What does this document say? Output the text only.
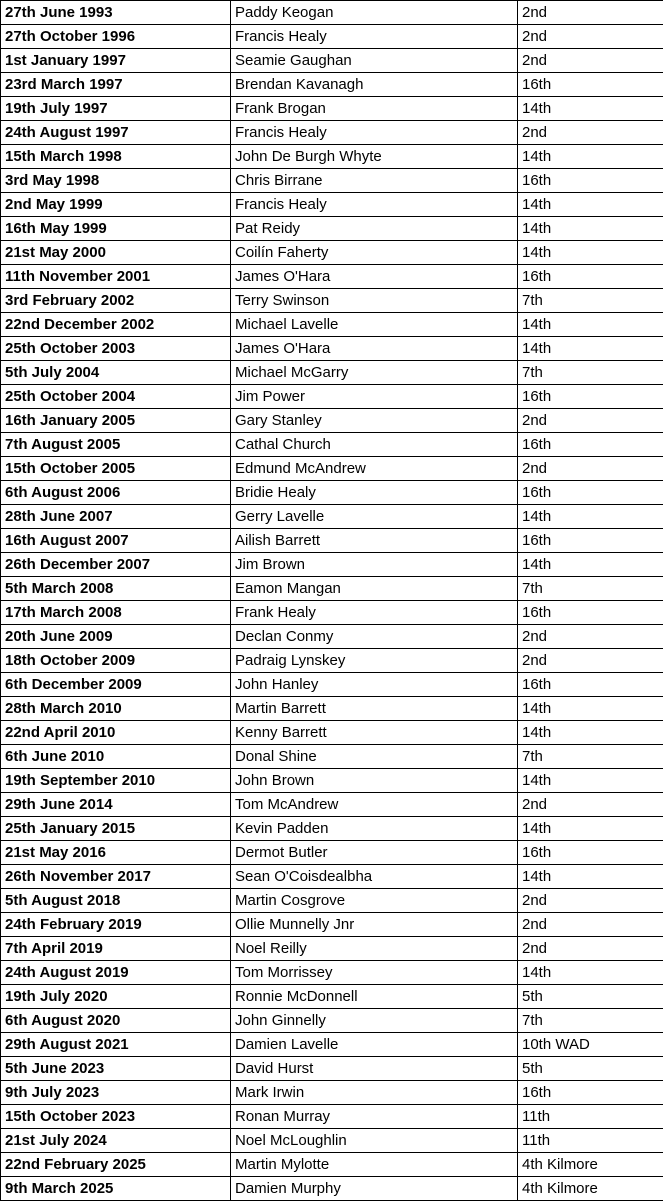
27th June 1993	Paddy Keogan	2nd
27th October 1996	Francis Healy	2nd
1st January 1997	Seamie Gaughan	2nd
23rd March 1997	Brendan Kavanagh	16th
19th July 1997	Frank Brogan	14th
24th August 1997	Francis Healy	2nd
15th March 1998	John De Burgh Whyte	14th
3rd May 1998	Chris Birrane	16th
2nd May 1999	Francis Healy	14th
16th May 1999	Pat Reidy	14th
21st May 2000	Coilín Faherty	14th
11th November 2001	James O'Hara	16th
3rd February 2002	Terry Swinson	7th
22nd December 2002	Michael Lavelle	14th
25th October 2003	James O'Hara	14th
5th July 2004	Michael McGarry	7th
25th October 2004	Jim Power	16th
16th January 2005	Gary Stanley	2nd
7th August 2005	Cathal Church	16th
15th October 2005	Edmund McAndrew	2nd
6th August 2006	Bridie Healy	16th
28th June 2007	Gerry Lavelle	14th
16th August 2007	Ailish Barrett	16th
26th December 2007	Jim Brown	14th
5th March 2008	Eamon Mangan	7th
17th March 2008	Frank Healy	16th
20th June 2009	Declan Conmy	2nd
18th October 2009	Padraig Lynskey	2nd
6th December 2009	John Hanley	16th
28th March 2010	Martin Barrett	14th
22nd April 2010	Kenny Barrett	14th
6th June 2010	Donal Shine	7th
19th September 2010	John Brown	14th
29th June 2014	Tom McAndrew	2nd
25th January 2015	Kevin Padden	14th
21st May 2016	Dermot Butler	16th
26th November 2017	Sean O'Coisdealbha	14th
5th August 2018	Martin Cosgrove	2nd
24th February 2019	Ollie Munnelly Jnr	2nd
7th April 2019	Noel Reilly	2nd
24th August 2019	Tom Morrissey	14th
19th July 2020	Ronnie McDonnell	5th
6th August 2020	John Ginnelly	7th
29th August 2021	Damien Lavelle	10th WAD
5th June 2023	David Hurst	5th
9th July 2023	Mark Irwin	16th
15th October 2023	Ronan Murray	11th
21st July 2024	Noel McLoughlin	11th
22nd February 2025	Martin Mylotte	4th Kilmore
9th March 2025	Damien Murphy	4th Kilmore
